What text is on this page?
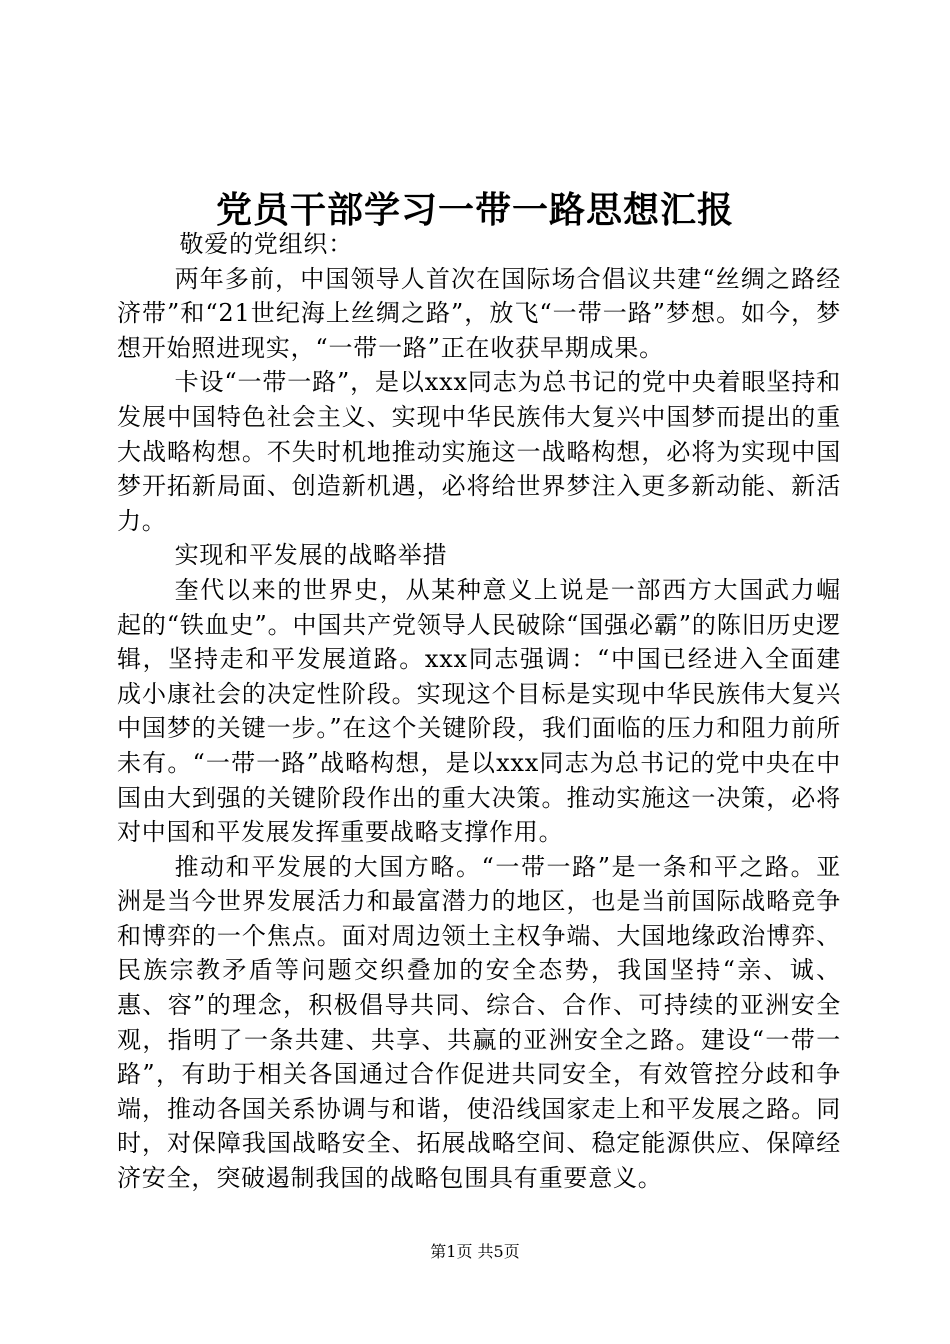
党员干部学习一带一路思想汇报

敬爱的党组织：

两年多前，中国领导人首次在国际场合倡议共建“丝绸之路经济带”和“21世纪海上丝绸之路”，放飞“一带一路”梦想。如今，梦想开始照进现实，“一带一路”正在收获早期成果。

卡设“一带一路”，是以xxx同志为总书记的党中央着眼坚持和发展中国特色社会主义、实现中华民族伟大复兴中国梦而提出的重大战略构想。不失时机地推动实施这一战略构想，必将为实现中国梦开拓新局面、创造新机遇，必将给世界梦注入更多新动能、新活力。

实现和平发展的战略举措

奎代以来的世界史，从某种意义上说是一部西方大国武力崛起的“铁血史”。中国共产党领导人民破除“国强必霸”的陈旧历史逻辑，坚持走和平发展道路。xxx同志强调：“中国已经进入全面建成小康社会的决定性阶段。实现这个目标是实现中华民族伟大复兴中国梦的关键一步。”在这个关键阶段，我们面临的压力和阻力前所未有。“一带一路”战略构想，是以xxx同志为总书记的党中央在中国由大到强的关键阶段作出的重大决策。推动实施这一决策，必将对中国和平发展发挥重要战略支撑作用。

推动和平发展的大国方略。“一带一路”是一条和平之路。亚洲是当今世界发展活力和最富潜力的地区，也是当前国际战略竞争和博弈的一个焦点。面对周边领土主权争端、大国地缘政治博弈、民族宗教矛盾等问题交织叠加的安全态势，我国坚持“亲、诚、惠、容”的理念，积极倡导共同、综合、合作、可持续的亚洲安全观，指明了一条共建、共享、共赢的亚洲安全之路。建设“一带一路”，有助于相关各国通过合作促进共同安全，有效管控分歧和争端，推动各国关系协调与和谐，使沿线国家走上和平发展之路。同时，对保障我国战略安全、拓展战略空间、稳定能源供应、保障经济安全，突破遏制我国的战略包围具有重要意义。

第1页 共5页
